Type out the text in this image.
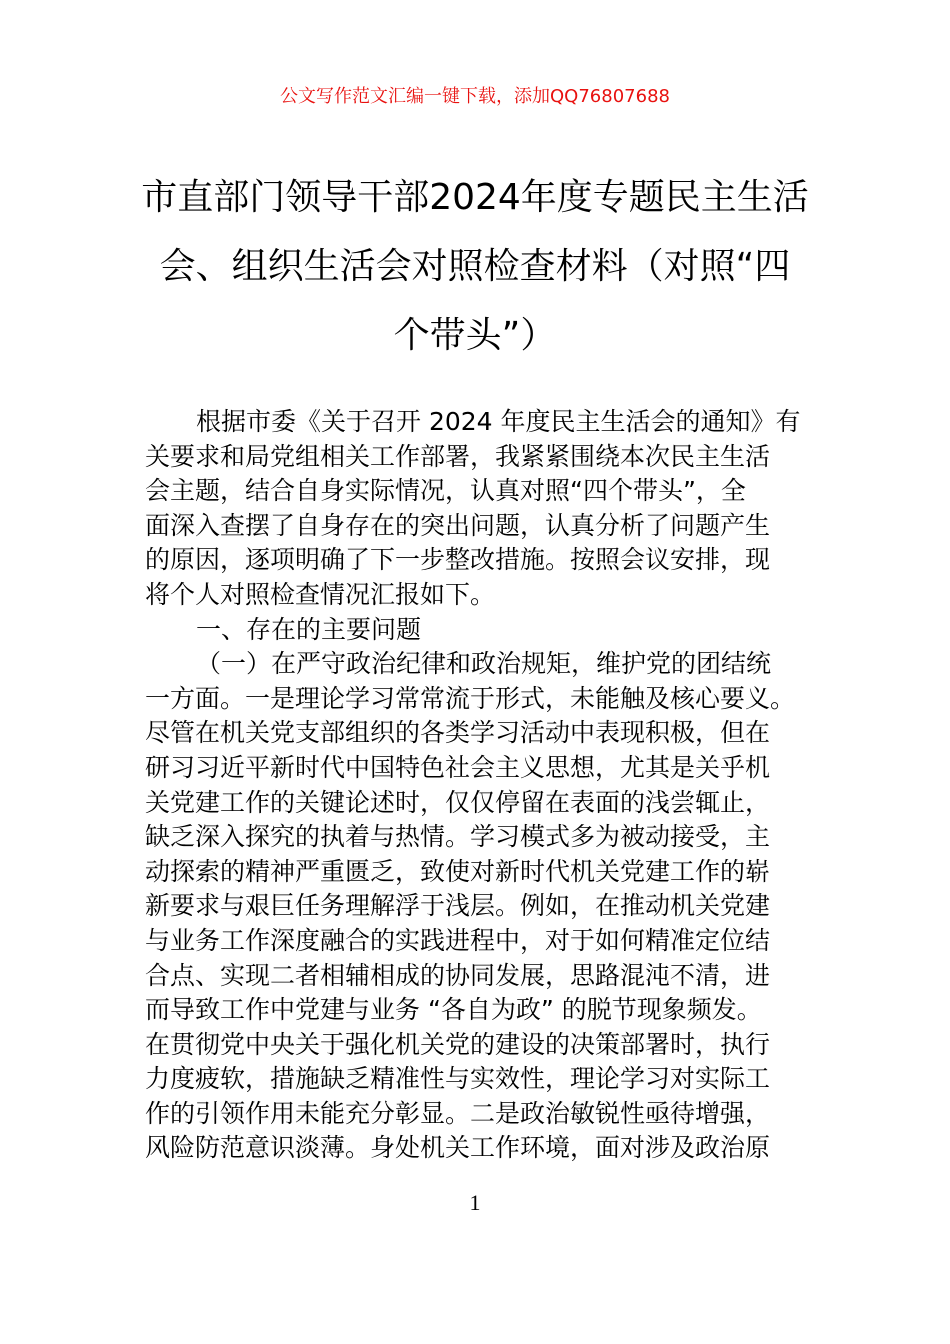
公文写作范文汇编一键下载，添加QQ76807688
市直部门领导干部2024年度专题民主生活
会、组织生活会对照检查材料（对照“四
个带头”）
根据市委《关于召开 2024 年度民主生活会的通知》有
关要求和局党组相关工作部署，我紧紧围绕本次民主生活
会主题，结合自身实际情况，认真对照“四个带头”，全
面深入查摆了自身存在的突出问题，认真分析了问题产生
的原因，逐项明确了下一步整改措施。按照会议安排，现
将个人对照检查情况汇报如下。
一、存在的主要问题
（一）在严守政治纪律和政治规矩，维护党的团结统
一方面。一是理论学习常常流于形式，未能触及核心要义。
尽管在机关党支部组织的各类学习活动中表现积极，但在
研习习近平新时代中国特色社会主义思想，尤其是关乎机
关党建工作的关键论述时，仅仅停留在表面的浅尝辄止，
缺乏深入探究的执着与热情。学习模式多为被动接受，主
动探索的精神严重匮乏，致使对新时代机关党建工作的崭
新要求与艰巨任务理解浮于浅层。例如，在推动机关党建
与业务工作深度融合的实践进程中，对于如何精准定位结
合点、实现二者相辅相成的协同发展，思路混沌不清，进
而导致工作中党建与业务 “各自为政” 的脱节现象频发。
在贯彻党中央关于强化机关党的建设的决策部署时，执行
力度疲软，措施缺乏精准性与实效性，理论学习对实际工
作的引领作用未能充分彰显。二是政治敏锐性亟待增强，
风险防范意识淡薄。身处机关工作环境，面对涉及政治原
1
